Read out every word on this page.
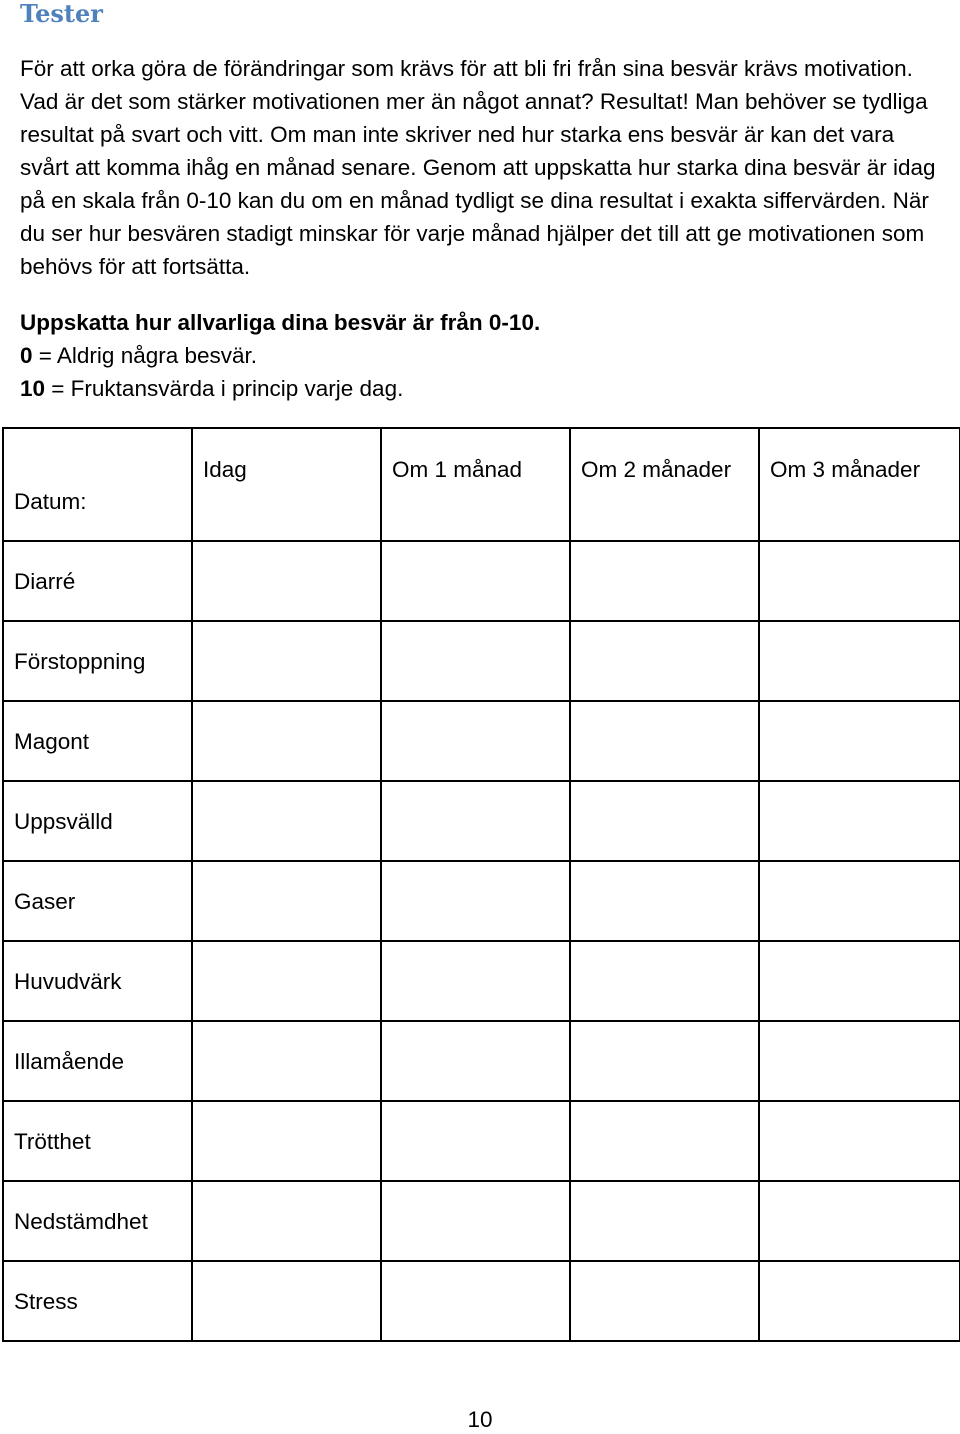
Tester

För att orka göra de förändringar som krävs för att bli fri från sina besvär krävs motivation. Vad är det som stärker motivationen mer än något annat? Resultat! Man behöver se tydliga resultat på svart och vitt. Om man inte skriver ned hur starka ens besvär är kan det vara svårt att komma ihåg en månad senare. Genom att uppskatta hur starka dina besvär är idag på en skala från 0-10 kan du om en månad tydligt se dina resultat i exakta siffervärden. När du ser hur besvären stadigt minskar för varje månad hjälper det till att ge motivationen som behövs för att fortsätta.

Uppskatta hur allvarliga dina besvär är från 0-10.
0 = Aldrig några besvär.
10 = Fruktansvärda i princip varje dag.
Datum:	Idag	Om 1 månad	Om 2 månader	Om 3 månader
Diarré				
Förstoppning				
Magont				
Uppsvälld				
Gaser				
Huvudvärk				
Illamående				
Trötthet				
Nedstämdhet				
Stress				
10
